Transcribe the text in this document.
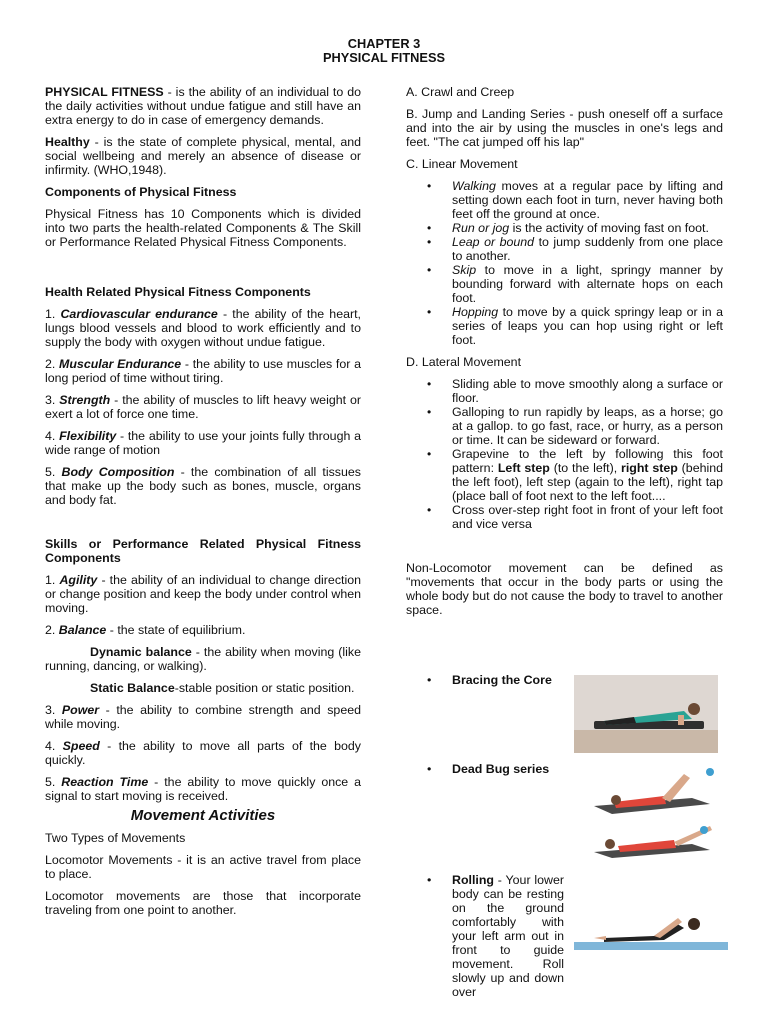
CHAPTER 3
PHYSICAL FITNESS

PHYSICAL FITNESS - is the ability of an individual to do the daily activities without undue fatigue and still have an extra energy to do in case of emergency demands.

Healthy - is the state of complete physical, mental, and social wellbeing and merely an absence of disease or infirmity. (WHO,1948).

Components of Physical Fitness

Physical Fitness has 10 Components which is divided into two parts the health-related Components & The Skill or Performance Related Physical Fitness Components.

Health Related Physical Fitness Components

1. Cardiovascular endurance - the ability of the heart, lungs blood vessels and blood to work efficiently and to supply the body with oxygen without undue fatigue.

2. Muscular Endurance - the ability to use muscles for a long period of time without tiring.

3. Strength - the ability of muscles to lift heavy weight or exert a lot of force one time.

4. Flexibility - the ability to use your joints fully through a wide range of motion

5. Body Composition - the combination of all tissues that make up the body such as bones, muscle, organs and body fat.

Skills or Performance Related Physical Fitness Components

1. Agility - the ability of an individual to change direction or change position and keep the body under control when moving.

2. Balance - the state of equilibrium.

Dynamic balance - the ability when moving (like running, dancing, or walking).

Static Balance-stable position or static position.

3. Power - the ability to combine strength and speed while moving.

4. Speed - the ability to move all parts of the body quickly.

5. Reaction Time - the ability to move quickly once a signal to start moving is received.

Movement Activities

Two Types of Movements

Locomotor Movements - it is an active travel from place to place.

Locomotor movements are those that incorporate traveling from one point to another.

A. Crawl and Creep

B. Jump and Landing Series - push oneself off a surface and into the air by using the muscles in one's legs and feet. "The cat jumped off his lap"

C. Linear Movement

• Walking moves at a regular pace by lifting and setting down each foot in turn, never having both feet off the ground at once.
• Run or jog is the activity of moving fast on foot.
• Leap or bound to jump suddenly from one place to another.
• Skip to move in a light, springy manner by bounding forward with alternate hops on each foot.
• Hopping to move by a quick springy leap or in a series of leaps you can hop using right or left foot.

D. Lateral Movement

• Sliding able to move smoothly along a surface or floor.
• Galloping to run rapidly by leaps, as a horse; go at a gallop. to go fast, race, or hurry, as a person or time. It can be sideward or forward.
• Grapevine to the left by following this foot pattern: Left step (to the left), right step (behind the left foot), left step (again to the left), right tap (place ball of foot next to the left foot....
• Cross over-step right foot in front of your left foot and vice versa

Non-Locomotor movement can be defined as "movements that occur in the body parts or using the whole body but do not cause the body to travel to another space.

• Bracing the Core
• Dead Bug series
•	Rolling - Your lower body can be resting on the ground comfortably with your left arm out in front to guide movement. Roll slowly up and down over
